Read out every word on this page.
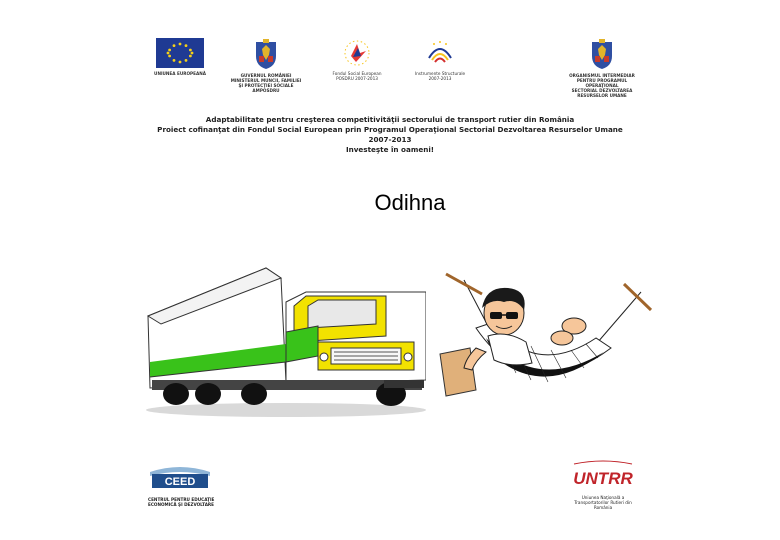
UNIUNEA EUROPEANĂ	GUVERNUL ROMÂNIEI
MINISTERUL MUNCII, FAMILIEI
ŞI PROTECŢIEI SOCIALE
AMPOSDRU
Fondul Social European
POSDRU 2007-2013
Instrumente Structurale
2007-2013
ORGANISMUL INTERMEDIAR
PENTRU PROGRAMUL OPERAŢIONAL
SECTORIAL DEZVOLTAREA
RESURSELOR UMANE
Adaptabilitate pentru creşterea competitivităţii sectorului de transport rutier din România
Proiect cofinanţat din Fondul Social European prin Programul Operaţional Sectorial Dezvoltarea Resurselor Umane
2007-2013
Investeşte în oameni!
Odihna
CEED
CENTRUL PENTRU EDUCAŢIE
ECONOMICĂ ŞI DEZVOLTARE
UNTRR
Uniunea Naţională a
Transportatorilor Rutieri din
România
